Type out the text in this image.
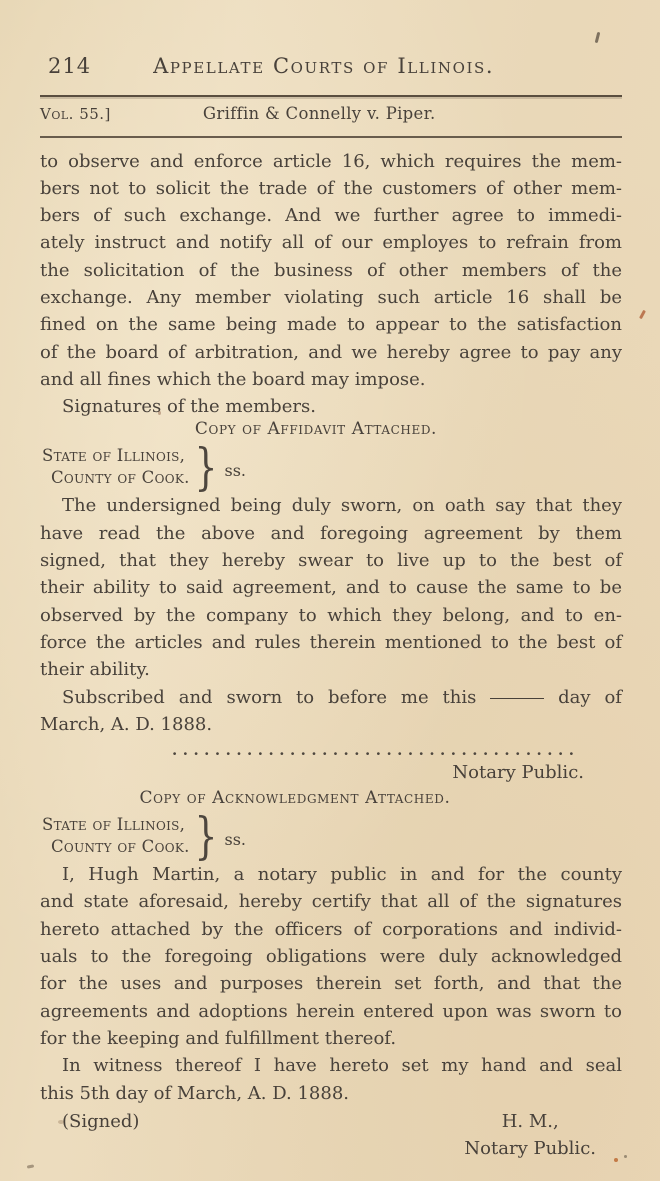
214	Appellate Courts of Illinois.
Vol. 55.]	Griffin & Connelly v. Piper.
to observe and enforce article 16, which requires the mem-
bers not to solicit the trade of the customers of other mem-
bers of such exchange. And we further agree to immedi-
ately instruct and notify all of our employes to refrain from
the solicitation of the business of other members of the
exchange. Any member violating such article 16 shall be
fined on the same being made to appear to the satisfaction
of the board of arbitration, and we hereby agree to pay any
and all fines which the board may impose.
Signatures of the members.
Copy of Affidavit Attached.
State of Illinois,
County of Cook. } ss.
The undersigned being duly sworn, on oath say that they
have read the above and foregoing agreement by them
signed, that they hereby swear to live up to the best of
their ability to said agreement, and to cause the same to be
observed by the company to which they belong, and to en-
force the articles and rules therein mentioned to the best of
their ability.
Subscribed and sworn to before me this	day of
March, A. D. 1888.
......................................
Notary Public.
Copy of Acknowledgment Attached.
State of Illinois,
County of Cook. } ss.
I, Hugh Martin, a notary public in and for the county
and state aforesaid, hereby certify that all of the signatures
hereto attached by the officers of corporations and individ-
uals to the foregoing obligations were duly acknowledged
for the uses and purposes therein set forth, and that the
agreements and adoptions herein entered upon was sworn to
for the keeping and fulfillment thereof.
In witness thereof I have hereto set my hand and seal
this 5th day of March, A. D. 1888.
(Signed)	H. M.,
Notary Public.
